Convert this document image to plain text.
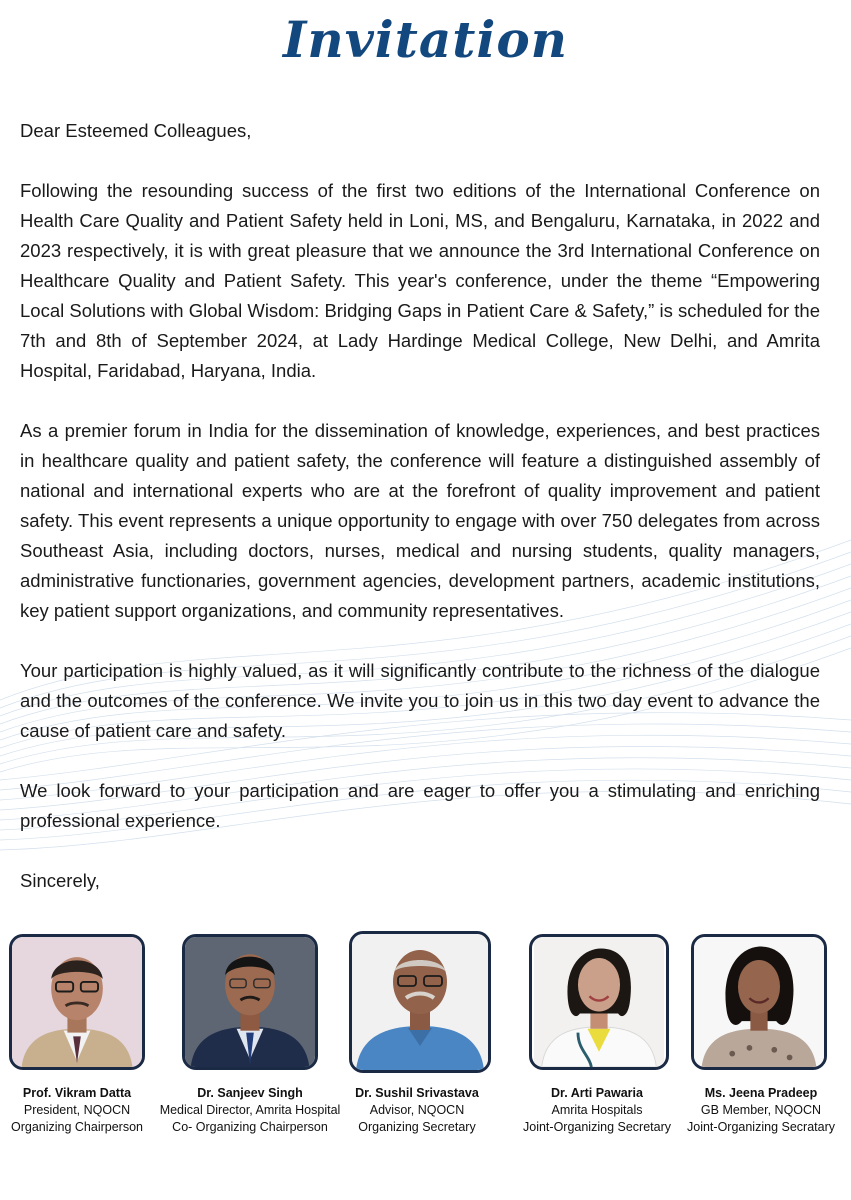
Invitation

Dear Esteemed Colleagues,

Following the resounding success of the first two editions of the International Conference on Health Care Quality and Patient Safety held in Loni, MS, and Bengaluru, Karnataka, in 2022 and 2023 respectively, it is with great pleasure that we announce the 3rd International Conference on Healthcare Quality and Patient Safety. This year's conference, under the theme “Empowering Local Solutions with Global Wisdom: Bridging Gaps in Patient Care & Safety,” is scheduled for the 7th and 8th of September 2024, at Lady Hardinge Medical College, New Delhi, and Amrita Hospital, Faridabad, Haryana, India.

As a premier forum in India for the dissemination of knowledge, experiences, and best practices in healthcare quality and patient safety, the conference will feature a distinguished assembly of national and international experts who are at the forefront of quality improvement and patient safety. This event represents a unique opportunity to engage with over 750 delegates from across Southeast Asia, including doctors, nurses, medical and nursing students, quality managers, administrative functionaries, government agencies, development partners, academic institutions, key patient support organizations, and community representatives.

Your participation is highly valued, as it will significantly contribute to the richness of the dialogue and the outcomes of the conference. We invite you to join us in this two day event to advance the cause of patient care and safety.

We look forward to your participation and are eager to offer you a stimulating and enriching professional experience.

Sincerely,

Prof. Vikram Datta
President, NQOCN
Organizing Chairperson
Dr. Sanjeev Singh
Medical Director, Amrita Hospital
Co- Organizing Chairperson
Dr. Sushil Srivastava
Advisor, NQOCN
Organizing Secretary
Dr. Arti Pawaria
Amrita Hospitals
Joint-Organizing Secretary
Ms. Jeena Pradeep
GB Member, NQOCN
Joint-Organizing Secratary
